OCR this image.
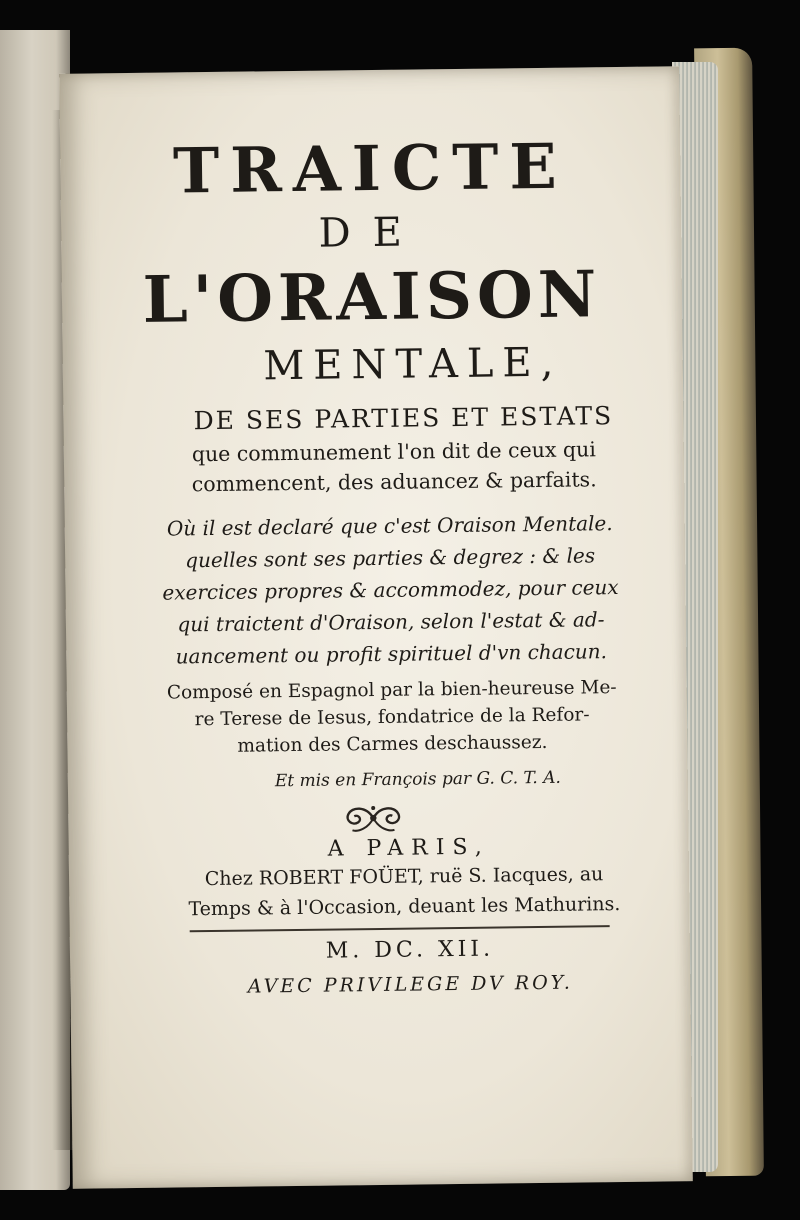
TRAICTE
DE
L'ORAISON
MENTALE,
DE SES PARTIES ET ESTATS
que communement l'on dit de ceux qui
commencent, des aduancez & parfaits.
Où il est declaré que c'est Oraison Mentale.
quelles sont ses parties & degrez : & les
exercices propres & accommodez, pour ceux
qui traictent d'Oraison, selon l'estat & ad-
uancement ou profit spirituel d'vn chacun.
Composé en Espagnol par la bien-heureuse Me-
re Terese de Iesus, fondatrice de la Refor-
mation des Carmes deschaussez.
Et mis en François par G. C. T. A.
A PARIS,
Chez ROBERT FOÜET, ruë S. Iacques, au
Temps & à l'Occasion, deuant les Mathurins.
M. DC. XII.
AVEC PRIVILEGE DV ROY.
